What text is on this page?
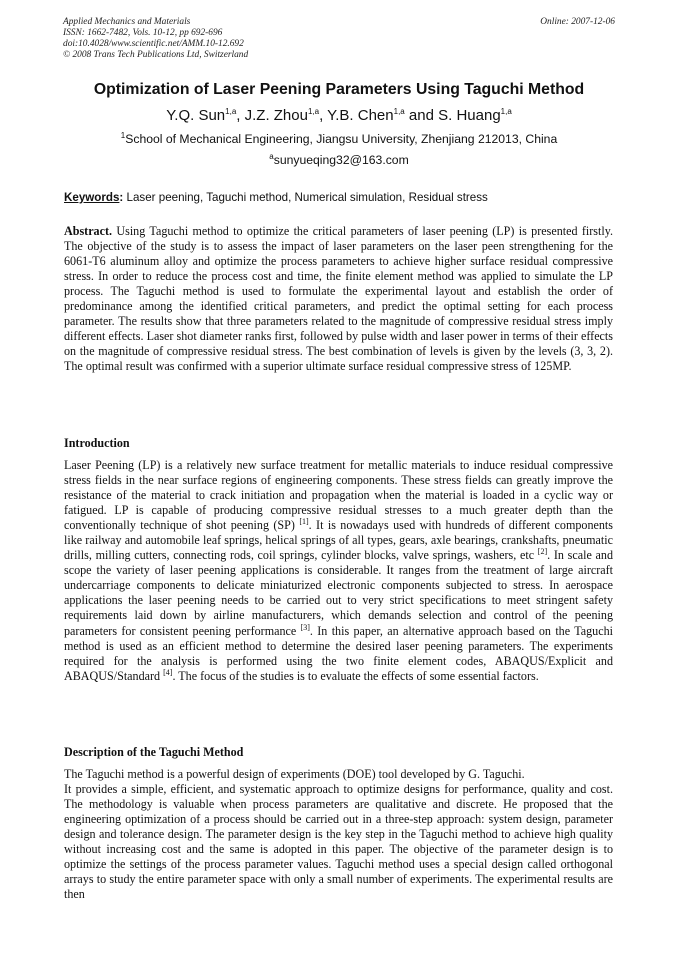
Applied Mechanics and Materials
ISSN: 1662-7482, Vols. 10-12, pp 692-696
doi:10.4028/www.scientific.net/AMM.10-12.692
© 2008 Trans Tech Publications Ltd, Switzerland
Online: 2007-12-06
Optimization of Laser Peening Parameters Using Taguchi Method
Y.Q. Sun$^{1,a}$, J.Z. Zhou$^{1,a}$, Y.B. Chen$^{1,a}$ and S. Huang$^{1,a}$
$^1$School of Mechanical Engineering, Jiangsu University, Zhenjiang 212013, China
$^a$sunyueqing32@163.com
Keywords: Laser peening, Taguchi method, Numerical simulation, Residual stress
Abstract. Using Taguchi method to optimize the critical parameters of laser peening (LP) is presented firstly. The objective of the study is to assess the impact of laser parameters on the laser peen strengthening for the 6061-T6 aluminum alloy and optimize the process parameters to achieve higher surface residual compressive stress. In order to reduce the process cost and time, the finite element method was applied to simulate the LP process. The Taguchi method is used to formulate the experimental layout and establish the order of predominance among the identified critical parameters, and predict the optimal setting for each process parameter. The results show that three parameters related to the magnitude of compressive residual stress imply different effects. Laser shot diameter ranks first, followed by pulse width and laser power in terms of their effects on the magnitude of compressive residual stress. The best combination of levels is given by the levels (3, 3, 2). The optimal result was confirmed with a superior ultimate surface residual compressive stress of 125MP.
Introduction
Laser Peening (LP) is a relatively new surface treatment for metallic materials to induce residual compressive stress fields in the near surface regions of engineering components. These stress fields can greatly improve the resistance of the material to crack initiation and propagation when the material is loaded in a cyclic way or fatigued. LP is capable of producing compressive residual stresses to a much greater depth than the conventionally technique of shot peening (SP) [1]. It is nowadays used with hundreds of different components like railway and automobile leaf springs, helical springs of all types, gears, axle bearings, crankshafts, pneumatic drills, milling cutters, connecting rods, coil springs, cylinder blocks, valve springs, washers, etc [2]. In scale and scope the variety of laser peening applications is considerable. It ranges from the treatment of large aircraft undercarriage components to delicate miniaturized electronic components subjected to stress. In aerospace applications the laser peening needs to be carried out to very strict specifications to meet stringent safety requirements laid down by airline manufacturers, which demands selection and control of the peening parameters for consistent peening performance [3]. In this paper, an alternative approach based on the Taguchi method is used as an efficient method to determine the desired laser peening parameters. The experiments required for the analysis is performed using the two finite element codes, ABAQUS/Explicit and ABAQUS/Standard [4]. The focus of the studies is to evaluate the effects of some essential factors.
Description of the Taguchi Method

The Taguchi method is a powerful design of experiments (DOE) tool developed by G. Taguchi.

It provides a simple, efficient, and systematic approach to optimize designs for performance, quality and cost. The methodology is valuable when process parameters are qualitative and discrete. He proposed that the engineering optimization of a process should be carried out in a three-step approach: system design, parameter design and tolerance design. The parameter design is the key step in the Taguchi method to achieve high quality without increasing cost and the same is adopted in this paper. The objective of the parameter design is to optimize the settings of the process parameter values. Taguchi method uses a special design called orthogonal arrays to study the entire parameter space with only a small number of experiments. The experimental results are then
